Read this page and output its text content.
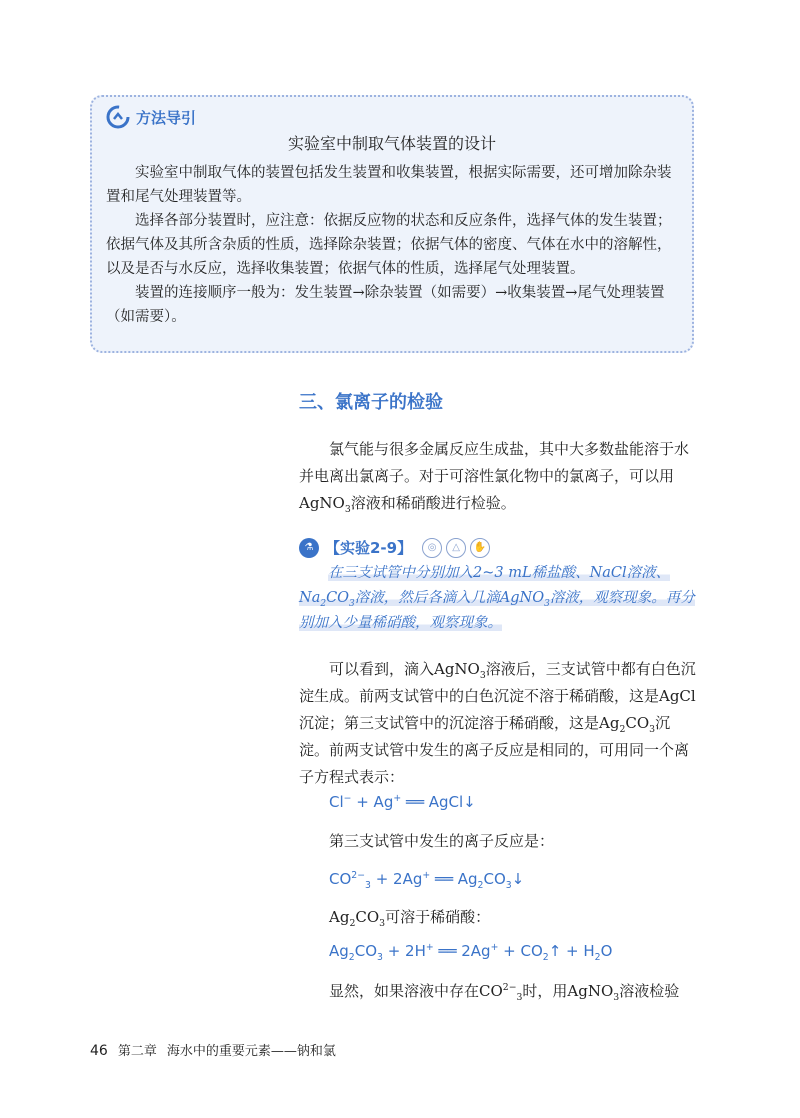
方法导引
实验室中制取气体装置的设计

实验室中制取气体的装置包括发生装置和收集装置，根据实际需要，还可增加除杂装置和尾气处理装置等。

选择各部分装置时，应注意：依据反应物的状态和反应条件，选择气体的发生装置；依据气体及其所含杂质的性质，选择除杂装置；依据气体的密度、气体在水中的溶解性，以及是否与水反应，选择收集装置；依据气体的性质，选择尾气处理装置。

装置的连接顺序一般为：发生装置→除杂装置（如需要）→收集装置→尾气处理装置（如需要）。

三、氯离子的检验

氯气能与很多金属反应生成盐，其中大多数盐能溶于水并电离出氯离子。对于可溶性氯化物中的氯离子，可以用AgNO$_3$溶液和稀硝酸进行检验。

⚗ 【实验2-9】	◎	△	✋

在三支试管中分别加入2~3 mL稀盐酸、NaCl溶液、$Na_2CO_3$溶液，然后各滴入几滴AgNO$_3$溶液，观察现象。再分别加入少量稀硝酸，观察现象。

可以看到，滴入AgNO$_3$溶液后，三支试管中都有白色沉淀生成。前两支试管中的白色沉淀不溶于稀硝酸，这是AgCl沉淀；第三支试管中的沉淀溶于稀硝酸，这是$Ag_2CO_3$沉淀。前两支试管中发生的离子反应是相同的，可用同一个离子方程式表示：

Cl− + Ag+ ══ AgCl↓
第三支试管中发生的离子反应是：
$CO^{2-}_3 + 2Ag^+$ ══ $Ag_2CO_3↓$
$Ag_2CO_3$可溶于稀硝酸：
$Ag_2CO_3 + 2H^+$ ══ $2Ag^+ + CO_2↑ + H_2O$
显然，如果溶液中存在$CO^{2-}_3$时，用AgNO$_3$溶液检验
46 第二章 海水中的重要元素——钠和氯
